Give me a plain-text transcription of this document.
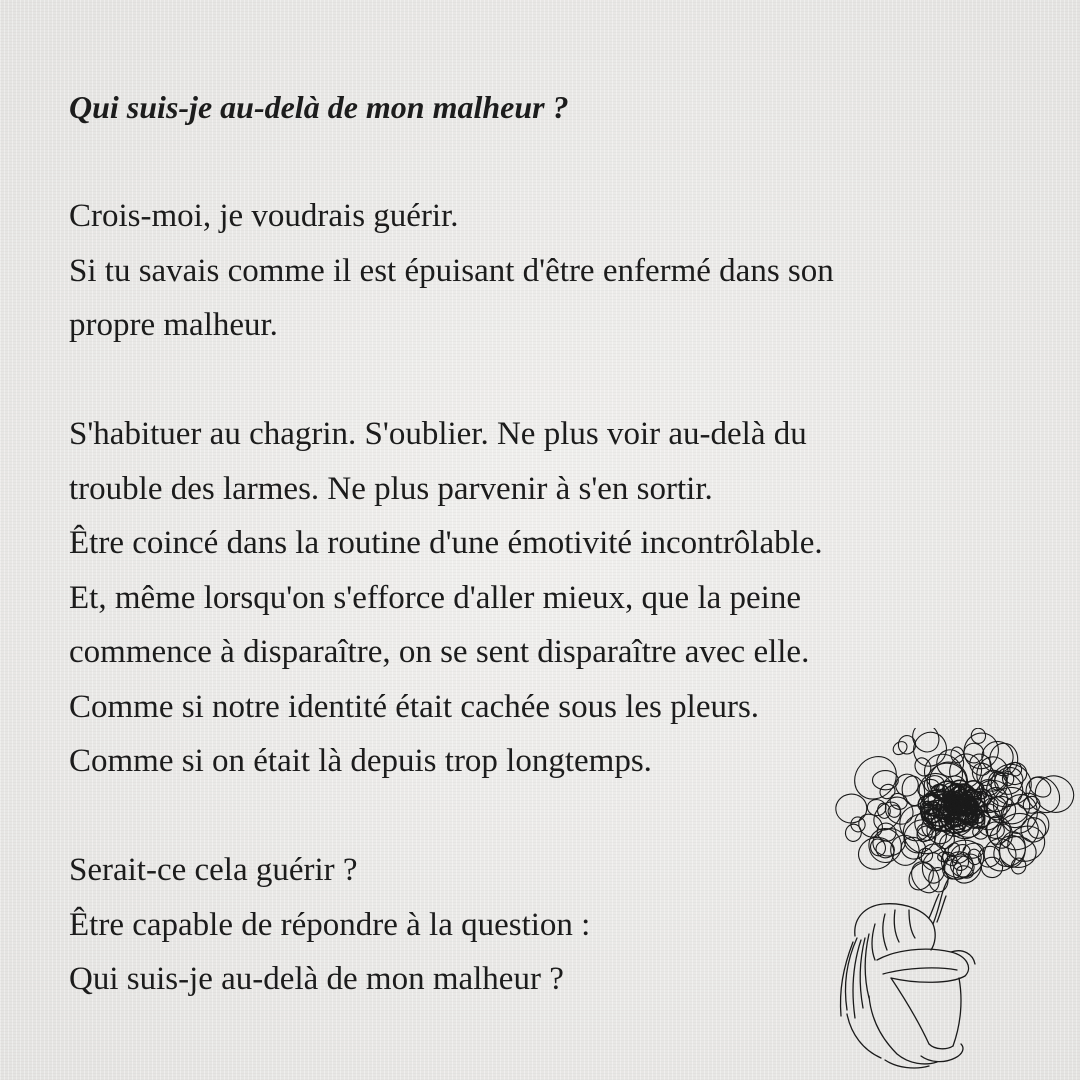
Qui suis-je au-delà de mon malheur ?

Crois-moi, je voudrais guérir.
Si tu savais comme il est épuisant d'être enfermé dans son
propre malheur.
S'habituer au chagrin. S'oublier. Ne plus voir au-delà du
trouble des larmes. Ne plus parvenir à s'en sortir.
Être coincé dans la routine d'une émotivité incontrôlable.
Et, même lorsqu'on s'efforce d'aller mieux, que la peine
commence à disparaître, on se sent disparaître avec elle.
Comme si notre identité était cachée sous les pleurs.
Comme si on était là depuis trop longtemps.
Serait-ce cela guérir ?
Être capable de répondre à la question :
Qui suis-je au-delà de mon malheur ?
